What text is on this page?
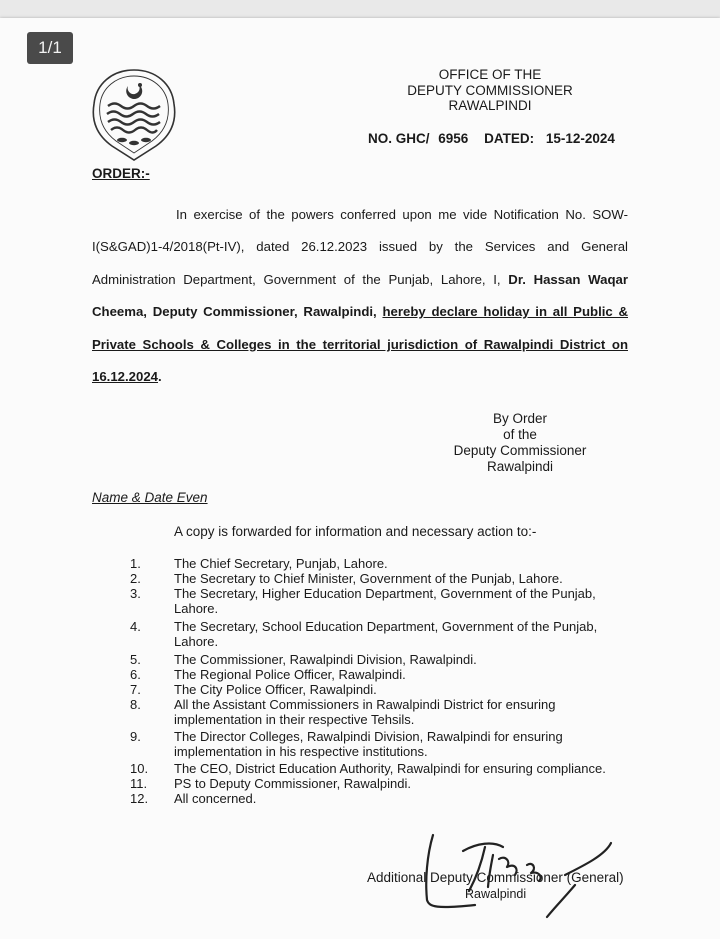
1/1
OFFICE OF THE
DEPUTY COMMISSIONER
RAWALPINDI
NO. GHC/ 6956 DATED: 15-12-2024
ORDER:-
In exercise of the powers conferred upon me vide Notification No. SOW-I(S&GAD)1-4/2018(Pt-IV), dated 26.12.2023 issued by the Services and General Administration Department, Government of the Punjab, Lahore, I, Dr. Hassan Waqar Cheema, Deputy Commissioner, Rawalpindi, hereby declare holiday in all Public & Private Schools & Colleges in the territorial jurisdiction of Rawalpindi District on 16.12.2024.
By Order
of the
Deputy Commissioner
Rawalpindi
Name & Date Even
A copy is forwarded for information and necessary action to:-
1.	The Chief Secretary, Punjab, Lahore.
2.	The Secretary to Chief Minister, Government of the Punjab, Lahore.
3.	The Secretary, Higher Education Department, Government of the Punjab, Lahore.
4.	The Secretary, School Education Department, Government of the Punjab, Lahore.
5.	The Commissioner, Rawalpindi Division, Rawalpindi.
6.	The Regional Police Officer, Rawalpindi.
7.	The City Police Officer, Rawalpindi.
8.	All the Assistant Commissioners in Rawalpindi District for ensuring implementation in their respective Tehsils.
9.	The Director Colleges, Rawalpindi Division, Rawalpindi for ensuring implementation in his respective institutions.
10.	The CEO, District Education Authority, Rawalpindi for ensuring compliance.
11.	PS to Deputy Commissioner, Rawalpindi.
12.	All concerned.
Additional Deputy Commissioner (General)
Rawalpindi
